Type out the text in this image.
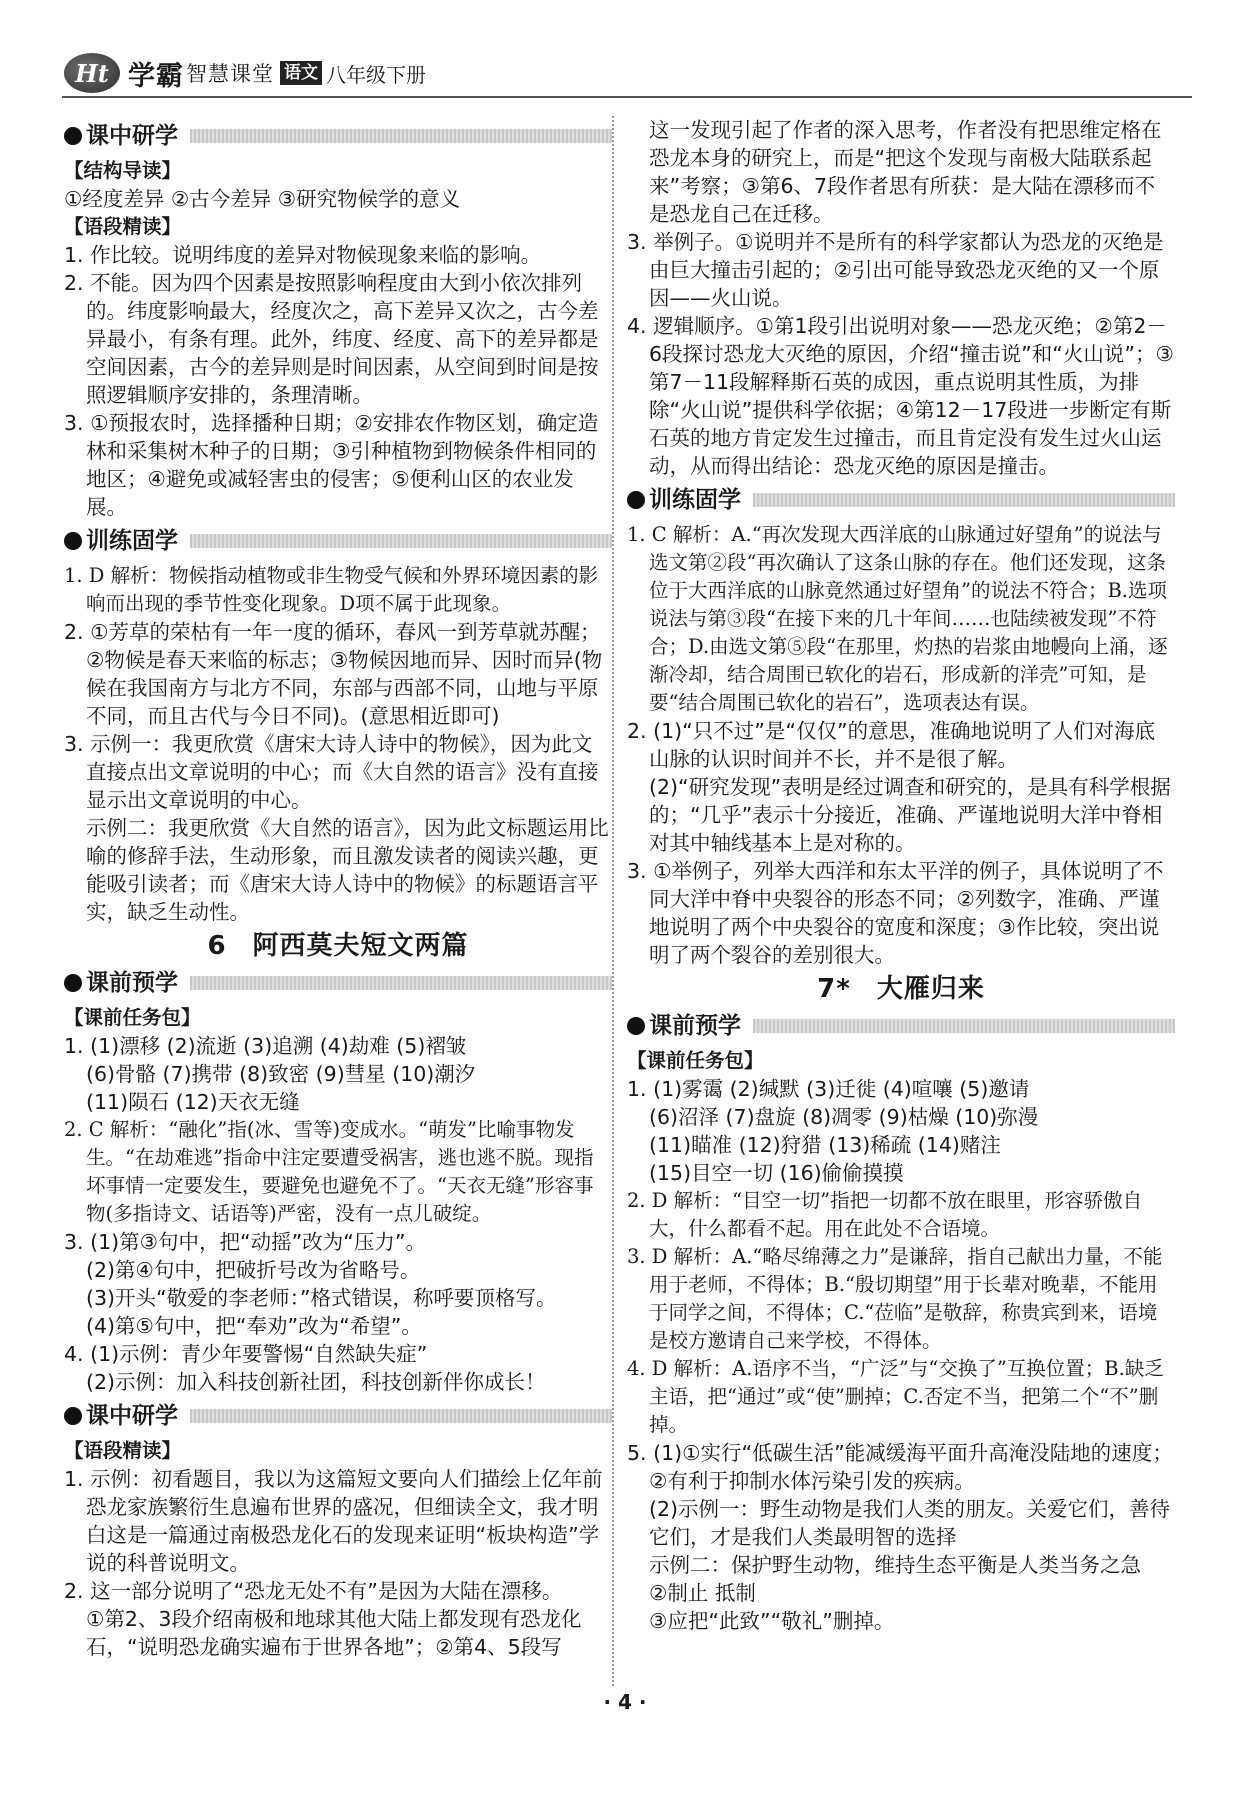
Ht 学霸 智慧课堂 语文 八年级下册
课中研学

【结构导读】

①经度差异 ②古今差异 ③研究物候学的意义

【语段精读】

1. 作比较。说明纬度的差异对物候现象来临的影响。

2. 不能。因为四个因素是按照影响程度由大到小依次排列的。纬度影响最大，经度次之，高下差异又次之，古今差异最小，有条有理。此外，纬度、经度、高下的差异都是空间因素，古今的差异则是时间因素，从空间到时间是按照逻辑顺序安排的，条理清晰。

3. ①预报农时，选择播种日期；②安排农作物区划，确定造林和采集树木种子的日期；③引种植物到物候条件相同的地区；④避免或减轻害虫的侵害；⑤便利山区的农业发展。

训练固学

1. D 解析：物候指动植物或非生物受气候和外界环境因素的影响而出现的季节性变化现象。D项不属于此现象。

2. ①芳草的荣枯有一年一度的循环，春风一到芳草就苏醒；②物候是春天来临的标志；③物候因地而异、因时而异(物候在我国南方与北方不同，东部与西部不同，山地与平原不同，而且古代与今日不同)。(意思相近即可)

3. 示例一：我更欣赏《唐宋大诗人诗中的物候》，因为此文直接点出文章说明的中心；而《大自然的语言》没有直接显示出文章说明的中心。

示例二：我更欣赏《大自然的语言》，因为此文标题运用比喻的修辞手法，生动形象，而且激发读者的阅读兴趣，更能吸引读者；而《唐宋大诗人诗中的物候》的标题语言平实，缺乏生动性。

6 阿西莫夫短文两篇
课前预学

【课前任务包】

1. (1)漂移 (2)流逝 (3)追溯 (4)劫难 (5)褶皱

(6)骨骼 (7)携带 (8)致密 (9)彗星 (10)潮汐

(11)陨石 (12)天衣无缝

2. C 解析：“融化”指(冰、雪等)变成水。“萌发”比喻事物发生。“在劫难逃”指命中注定要遭受祸害，逃也逃不脱。现指坏事情一定要发生，要避免也避免不了。“天衣无缝”形容事物(多指诗文、话语等)严密，没有一点儿破绽。

3. (1)第③句中，把“动摇”改为“压力”。

(2)第④句中，把破折号改为省略号。

(3)开头“敬爱的李老师：”格式错误，称呼要顶格写。

(4)第⑤句中，把“奉劝”改为“希望”。

4. (1)示例：青少年要警惕“自然缺失症”

(2)示例：加入科技创新社团，科技创新伴你成长！

课中研学

【语段精读】

1. 示例：初看题目，我以为这篇短文要向人们描绘上亿年前恐龙家族繁衍生息遍布世界的盛况，但细读全文，我才明白这是一篇通过南极恐龙化石的发现来证明“板块构造”学说的科普说明文。

2. 这一部分说明了“恐龙无处不有”是因为大陆在漂移。

①第2、3段介绍南极和地球其他大陆上都发现有恐龙化石，“说明恐龙确实遍布于世界各地”；②第4、5段写

这一发现引起了作者的深入思考，作者没有把思维定格在恐龙本身的研究上，而是“把这个发现与南极大陆联系起来”考察；③第6、7段作者思有所获：是大陆在漂移而不是恐龙自己在迁移。

3. 举例子。①说明并不是所有的科学家都认为恐龙的灭绝是由巨大撞击引起的；②引出可能导致恐龙灭绝的又一个原因——火山说。

4. 逻辑顺序。①第1段引出说明对象——恐龙灭绝；②第2－6段探讨恐龙大灭绝的原因，介绍“撞击说”和“火山说”；③第7－11段解释斯石英的成因，重点说明其性质，为排除“火山说”提供科学依据；④第12－17段进一步断定有斯石英的地方肯定发生过撞击，而且肯定没有发生过火山运动，从而得出结论：恐龙灭绝的原因是撞击。

训练固学

1. C 解析：A.“再次发现大西洋底的山脉通过好望角”的说法与选文第②段“再次确认了这条山脉的存在。他们还发现，这条位于大西洋底的山脉竟然通过好望角”的说法不符合；B.选项说法与第③段“在接下来的几十年间……也陆续被发现”不符合；D.由选文第⑤段“在那里，灼热的岩浆由地幔向上涌，逐渐冷却，结合周围已软化的岩石，形成新的洋壳”可知，是要“结合周围已软化的岩石”，选项表达有误。

2. (1)“只不过”是“仅仅”的意思，准确地说明了人们对海底山脉的认识时间并不长，并不是很了解。

(2)“研究发现”表明是经过调查和研究的，是具有科学根据的；“几乎”表示十分接近，准确、严谨地说明大洋中脊相对其中轴线基本上是对称的。

3. ①举例子，列举大西洋和东太平洋的例子，具体说明了不同大洋中脊中央裂谷的形态不同；②列数字，准确、严谨地说明了两个中央裂谷的宽度和深度；③作比较，突出说明了两个裂谷的差别很大。

7* 大雁归来
课前预学

【课前任务包】

1. (1)雾霭 (2)缄默 (3)迁徙 (4)喧嚷 (5)邀请

(6)沼泽 (7)盘旋 (8)凋零 (9)枯燥 (10)弥漫

(11)瞄准 (12)狩猎 (13)稀疏 (14)赌注

(15)目空一切 (16)偷偷摸摸

2. D 解析：“目空一切”指把一切都不放在眼里，形容骄傲自大，什么都看不起。用在此处不合语境。

3. D 解析：A.“略尽绵薄之力”是谦辞，指自己献出力量，不能用于老师，不得体；B.“殷切期望”用于长辈对晚辈，不能用于同学之间，不得体；C.“莅临”是敬辞，称贵宾到来，语境是校方邀请自己来学校，不得体。

4. D 解析：A.语序不当，“广泛”与“交换了”互换位置；B.缺乏主语，把“通过”或“使”删掉；C.否定不当，把第二个“不”删掉。

5. (1)①实行“低碳生活”能减缓海平面升高淹没陆地的速度；②有利于抑制水体污染引发的疾病。

(2)示例一：野生动物是我们人类的朋友。关爱它们，善待它们，才是我们人类最明智的选择

示例二：保护野生动物，维持生态平衡是人类当务之急

②制止 抵制

③应把“此致”“敬礼”删掉。

· 4 ·
